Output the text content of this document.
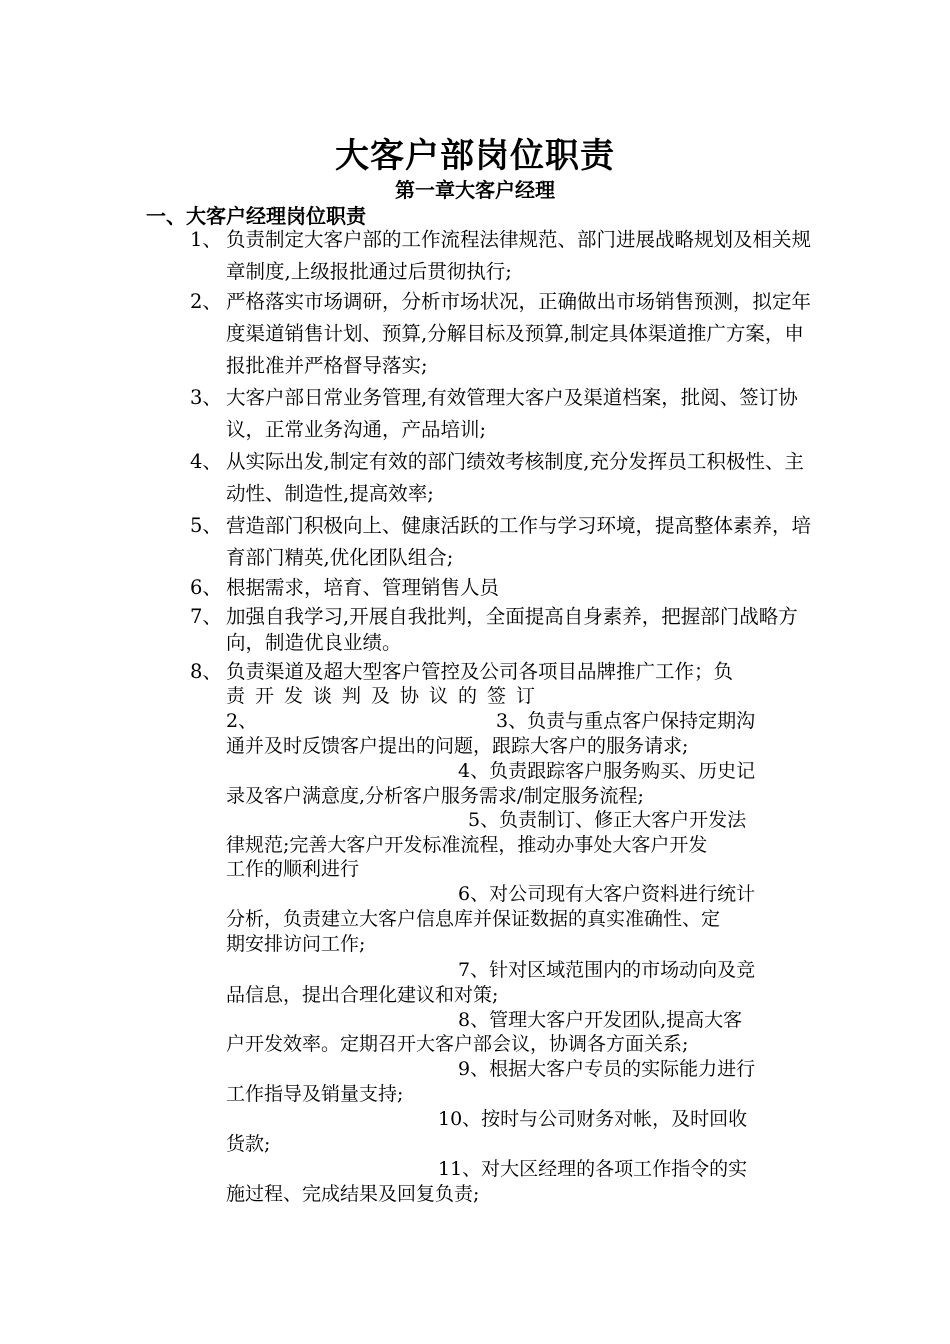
大客户部岗位职责
第一章大客户经理
一、大客户经理岗位职责
1、 负责制定大客户部的工作流程法律规范、部门进展战略规划及相关规章制度,上级报批通过后贯彻执行;
2、 严格落实市场调研，分析市场状况，正确做出市场销售预测，拟定年度渠道销售计划、预算,分解目标及预算,制定具体渠道推广方案，申报批准并严格督导落实;
3、 大客户部日常业务管理,有效管理大客户及渠道档案，批阅、签订协议，正常业务沟通，产品培训;
4、 从实际出发,制定有效的部门绩效考核制度,充分发挥员工积极性、主动性、制造性,提高效率;
5、 营造部门积极向上、健康活跃的工作与学习环境，提高整体素养，培育部门精英,优化团队组合;
6、 根据需求，培育、管理销售人员
7、 加强自我学习,开展自我批判，全面提高自身素养，把握部门战略方向，制造优良业绩。
8、 负责渠道及超大型客户管控及公司各项目品牌推广工作；负
责开发谈判及协议的签订
2、	3、负责与重点客户保持定期沟
通并及时反馈客户提出的问题，跟踪大客户的服务请求;
4、负责跟踪客户服务购买、历史记
录及客户满意度,分析客户服务需求/制定服务流程;
5、负责制订、修正大客户开发法
律规范;完善大客户开发标准流程，推动办事处大客户开发
工作的顺利进行
6、对公司现有大客户资料进行统计
分析，负责建立大客户信息库并保证数据的真实准确性、定
期安排访问工作;
7、针对区域范围内的市场动向及竞
品信息，提出合理化建议和对策;
8、管理大客户开发团队,提高大客
户开发效率。定期召开大客户部会议，协调各方面关系;
9、根据大客户专员的实际能力进行
工作指导及销量支持;
10、按时与公司财务对帐，及时回收
货款;
11、对大区经理的各项工作指令的实
施过程、完成结果及回复负责;
